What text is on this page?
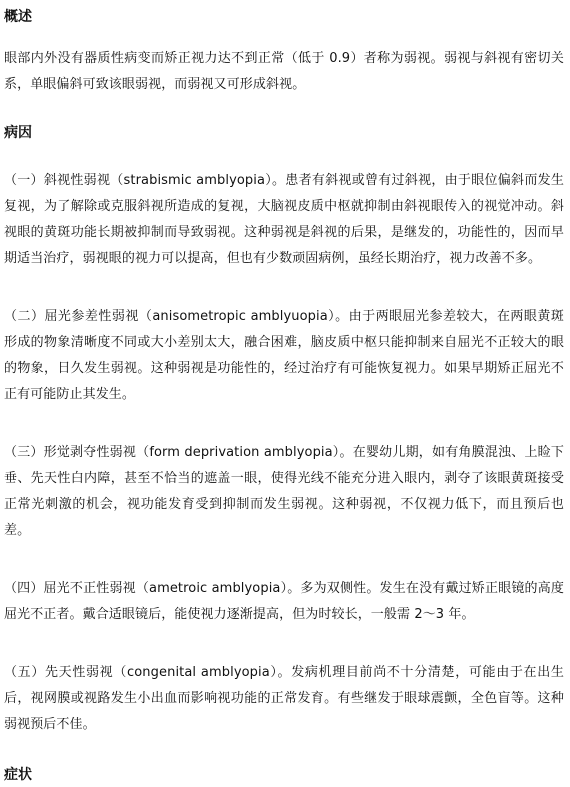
概述

眼部内外没有器质性病变而矫正视力达不到正常（低于 0.9）者称为弱视。弱视与斜视有密切关系，单眼偏斜可致该眼弱视，而弱视又可形成斜视。

病因

（一）斜视性弱视（strabismic amblyopia）。患者有斜视或曾有过斜视，由于眼位偏斜而发生复视，为了解除或克服斜视所造成的复视，大脑视皮质中枢就抑制由斜视眼传入的视觉冲动。斜视眼的黄斑功能长期被抑制而导致弱视。这种弱视是斜视的后果，是继发的，功能性的，因而早期适当治疗，弱视眼的视力可以提高，但也有少数顽固病例，虽经长期治疗，视力改善不多。

（二）屈光参差性弱视（anisometropic amblyuopia）。由于两眼屈光参差较大，在两眼黄斑形成的物象清晰度不同或大小差别太大，融合困难，脑皮质中枢只能抑制来自屈光不正较大的眼的物象，日久发生弱视。这种弱视是功能性的，经过治疗有可能恢复视力。如果早期矫正屈光不正有可能防止其发生。

（三）形觉剥夺性弱视（form deprivation amblyopia）。在婴幼儿期，如有角膜混浊、上睑下垂、先天性白内障，甚至不恰当的遮盖一眼，使得光线不能充分进入眼内，剥夺了该眼黄斑接受正常光刺激的机会，视功能发育受到抑制而发生弱视。这种弱视，不仅视力低下，而且预后也差。

（四）屈光不正性弱视（ametroic amblyopia）。多为双侧性。发生在没有戴过矫正眼镜的高度屈光不正者。戴合适眼镜后，能使视力逐渐提高，但为时较长，一般需 2～3 年。

（五）先天性弱视（congenital amblyopia）。发病机理目前尚不十分清楚，可能由于在出生后，视网膜或视路发生小出血而影响视功能的正常发育。有些继发于眼球震颤，全色盲等。这种弱视预后不佳。

症状
